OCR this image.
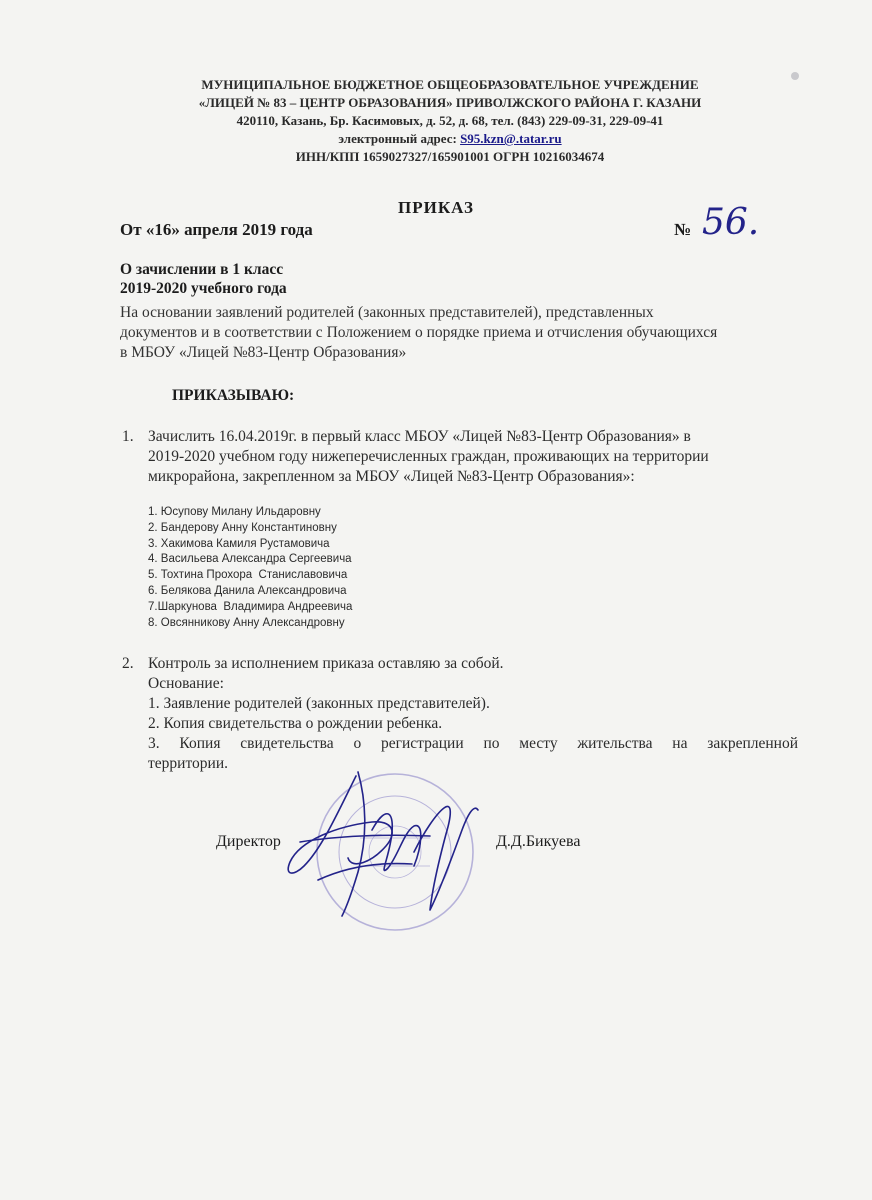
МУНИЦИПАЛЬНОЕ БЮДЖЕТНОЕ ОБЩЕОБРАЗОВАТЕЛЬНОЕ УЧРЕЖДЕНИЕ
«ЛИЦЕЙ № 83 – ЦЕНТР ОБРАЗОВАНИЯ» ПРИВОЛЖСКОГО РАЙОНА Г. КАЗАНИ
420110, Казань, Бр. Касимовых, д. 52, д. 68, тел. (843) 229-09-31, 229-09-41
электронный адрес: S95.kzn@.tatar.ru
ИНН/КПП 1659027327/165901001 ОГРН 10216034674
ПРИКАЗ
От «16» апреля 2019 года	№ 56.
О зачислении в 1 класс
2019-2020 учебного года
На основании заявлений родителей (законных представителей), представленных
документов и в соответствии с Положением о порядке приема и отчисления обучающихся
в МБОУ «Лицей №83-Центр Образования»
ПРИКАЗЫВАЮ:
1. Зачислить 16.04.2019г. в первый класс МБОУ «Лицей №83-Центр Образования» в
2019-2020 учебном году нижеперечисленных граждан, проживающих на территории
микрорайона, закрепленном за МБОУ «Лицей №83-Центр Образования»:
1. Юсупову Милану Ильдаровну
2. Бандерову Анну Константиновну
3. Хакимова Камиля Рустамовича
4. Васильева Александра Сергеевича
5. Тохтина Прохора  Станиславовича
6. Белякова Данила Александровича
7.Шаркунова  Владимира Андреевича
8. Овсянникову Анну Александровну
2. Контроль за исполнением приказа оставляю за собой.
Основание:
1. Заявление родителей (законных представителей).
2. Копия свидетельства о рождении ребенка.
3. Копия свидетельства о регистрации по месту жительства на закрепленной
территории.
Директор	Д.Д.Бикуева
